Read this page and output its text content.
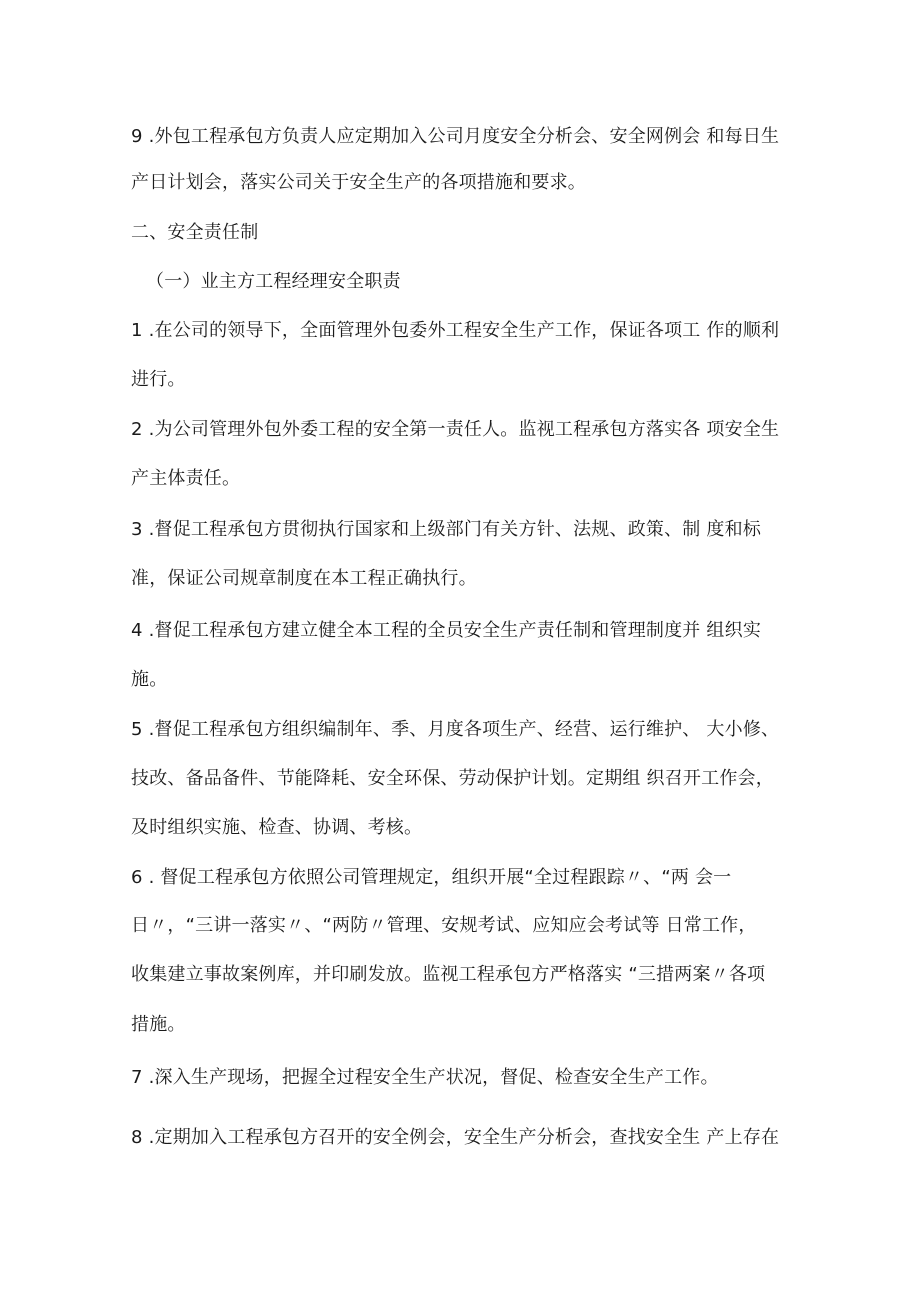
9 .外包工程承包方负责人应定期加入公司月度安全分析会、安全网例会 和每日生
产日计划会，落实公司关于安全生产的各项措施和要求。
二、安全责任制
（一）业主方工程经理安全职责
1 .在公司的领导下，全面管理外包委外工程安全生产工作，保证各项工 作的顺利
进行。
2 .为公司管理外包外委工程的安全第一责任人。监视工程承包方落实各 项安全生
产主体责任。
3 .督促工程承包方贯彻执行国家和上级部门有关方针、法规、政策、制 度和标
准，保证公司规章制度在本工程正确执行。
4 .督促工程承包方建立健全本工程的全员安全生产责任制和管理制度并 组织实
施。
5 .督促工程承包方组织编制年、季、月度各项生产、经营、运行维护、 大小修、
技改、备品备件、节能降耗、安全环保、劳动保护计划。定期组 织召开工作会，
及时组织实施、检查、协调、考核。
6 . 督促工程承包方依照公司管理规定，组织开展“全过程跟踪〃、“两 会一
日〃，“三讲一落实〃、“两防〃管理、安规考试、应知应会考试等 日常工作，
收集建立事故案例库，并印刷发放。监视工程承包方严格落实 “三措两案〃各项
措施。
7 .深入生产现场，把握全过程安全生产状况，督促、检查安全生产工作。
8 .定期加入工程承包方召开的安全例会，安全生产分析会，查找安全生 产上存在
